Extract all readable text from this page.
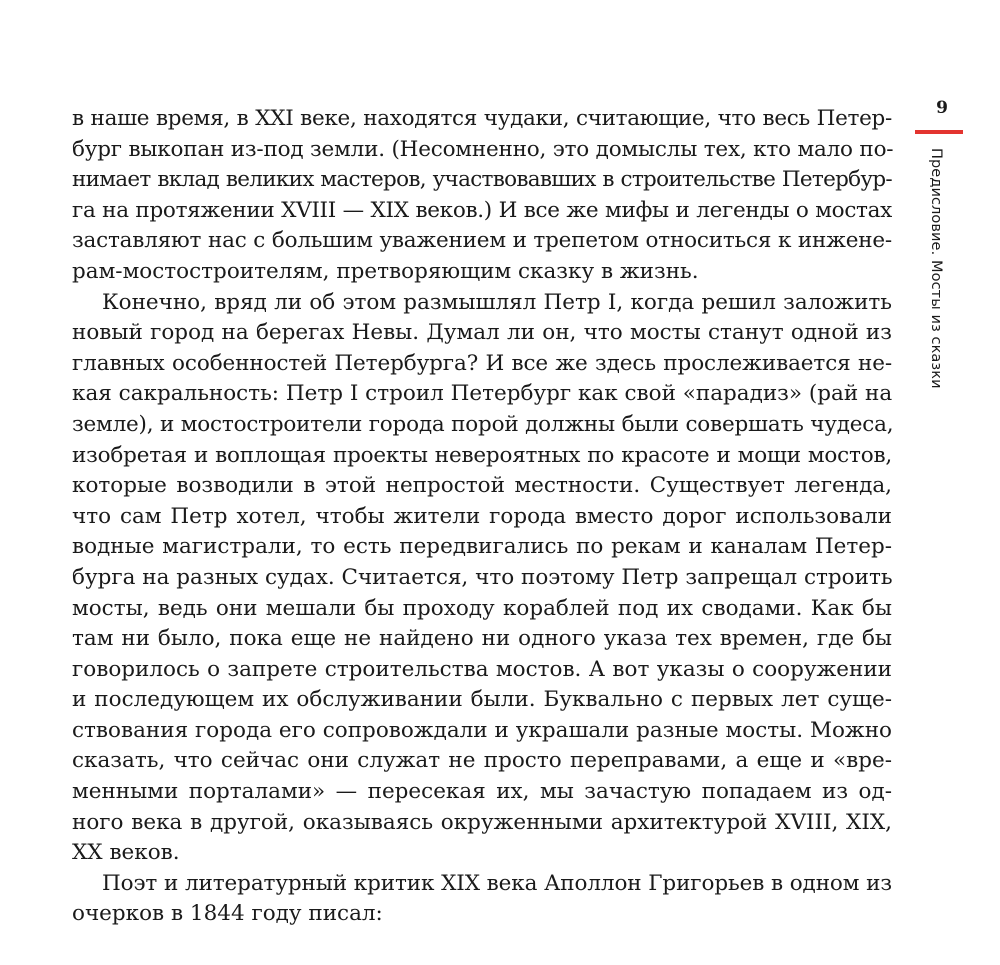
в наше время, в XXI веке, находятся чудаки, считающие, что весь Петер-
бург выкопан из-под земли. (Несомненно, это домыслы тех, кто мало по-
нимает вклад великих мастеров, участвовавших в строительстве Петербур-
га на протяжении XVIII — XIX веков.) И все же мифы и легенды о мостах
заставляют нас с большим уважением и трепетом относиться к инжене-
рам-мостостроителям, претворяющим сказку в жизнь.
Конечно, вряд ли об этом размышлял Петр I, когда решил заложить
новый город на берегах Невы. Думал ли он, что мосты станут одной из
главных особенностей Петербурга? И все же здесь прослеживается не-
кая сакральность: Петр I строил Петербург как свой «парадиз» (рай на
земле), и мостостроители города порой должны были совершать чудеса,
изобретая и воплощая проекты невероятных по красоте и мощи мостов,
которые возводили в этой непростой местности. Существует легенда,
что сам Петр хотел, чтобы жители города вместо дорог использовали
водные магистрали, то есть передвигались по рекам и каналам Петер-
бурга на разных судах. Считается, что поэтому Петр запрещал строить
мосты, ведь они мешали бы проходу кораблей под их сводами. Как бы
там ни было, пока еще не найдено ни одного указа тех времен, где бы
говорилось о запрете строительства мостов. А вот указы о сооружении
и последующем их обслуживании были. Буквально с первых лет суще-
ствования города его сопровождали и украшали разные мосты. Можно
сказать, что сейчас они служат не просто переправами, а еще и «вре-
менными порталами» — пересекая их, мы зачастую попадаем из од-
ного века в другой, оказываясь окруженными архитектурой XVIII, XIX,
XX веков.
Поэт и литературный критик XIX века Аполлон Григорьев в одном из
очерков в 1844 году писал:
9
Предисловие. Мосты из сказки
